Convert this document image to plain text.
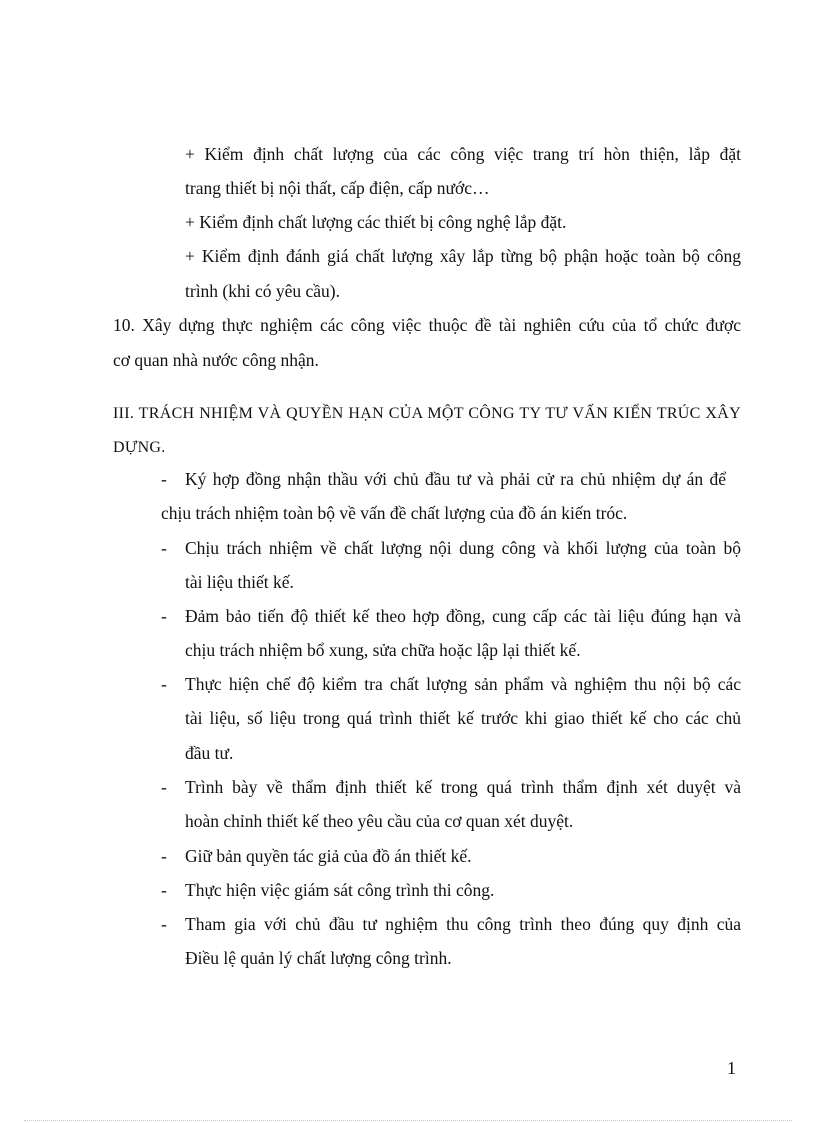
+ Kiểm định chất lượng của các công việc trang trí hòn thiện, lắp đặt
trang thiết bị nội thất, cấp điện, cấp nước…
+ Kiểm định chất lượng các thiết bị công nghệ lắp đặt.
+ Kiểm định đánh giá chất lượng xây lắp từng bộ phận hoặc toàn bộ công
trình (khi có yêu cầu).
10. Xây dựng thực nghiệm các công việc thuộc đề tài nghiên cứu của tổ chức được
cơ quan nhà nước công nhận.
III. TRÁCH NHIỆM VÀ QUYỀN HẠN CỦA MỘT CÔNG TY TƯ VẤN KIẾN TRÚC XÂY
DỰNG.
- Ký hợp đồng nhận thầu với chủ đầu tư và phải cử ra chủ nhiệm dự án để
chịu trách nhiệm toàn bộ về vấn đề chất lượng của đồ án kiến tróc.
- Chịu trách nhiệm về chất lượng nội dung công và khối lượng của toàn bộ
tài liệu thiết kế.
- Đảm bảo tiến độ thiết kế theo hợp đồng, cung cấp các tài liệu đúng hạn và
chịu trách nhiệm bổ xung, sửa chữa hoặc lập lại thiết kế.
- Thực hiện chế độ kiểm tra chất lượng sản phẩm và nghiệm thu nội bộ các
tài liệu, số liệu trong quá trình thiết kế trước khi giao thiết kế cho các chủ
đầu tư.
- Trình bày về thẩm định thiết kế trong quá trình thẩm định xét duyệt và
hoàn chỉnh thiết kế theo yêu cầu của cơ quan xét duyệt.
- Giữ bản quyền tác giả của đồ án thiết kế.
- Thực hiện việc giám sát công trình thi công.
- Tham gia với chủ đầu tư nghiệm thu công trình theo đúng quy định của
Điều lệ quản lý chất lượng công trình.
1
